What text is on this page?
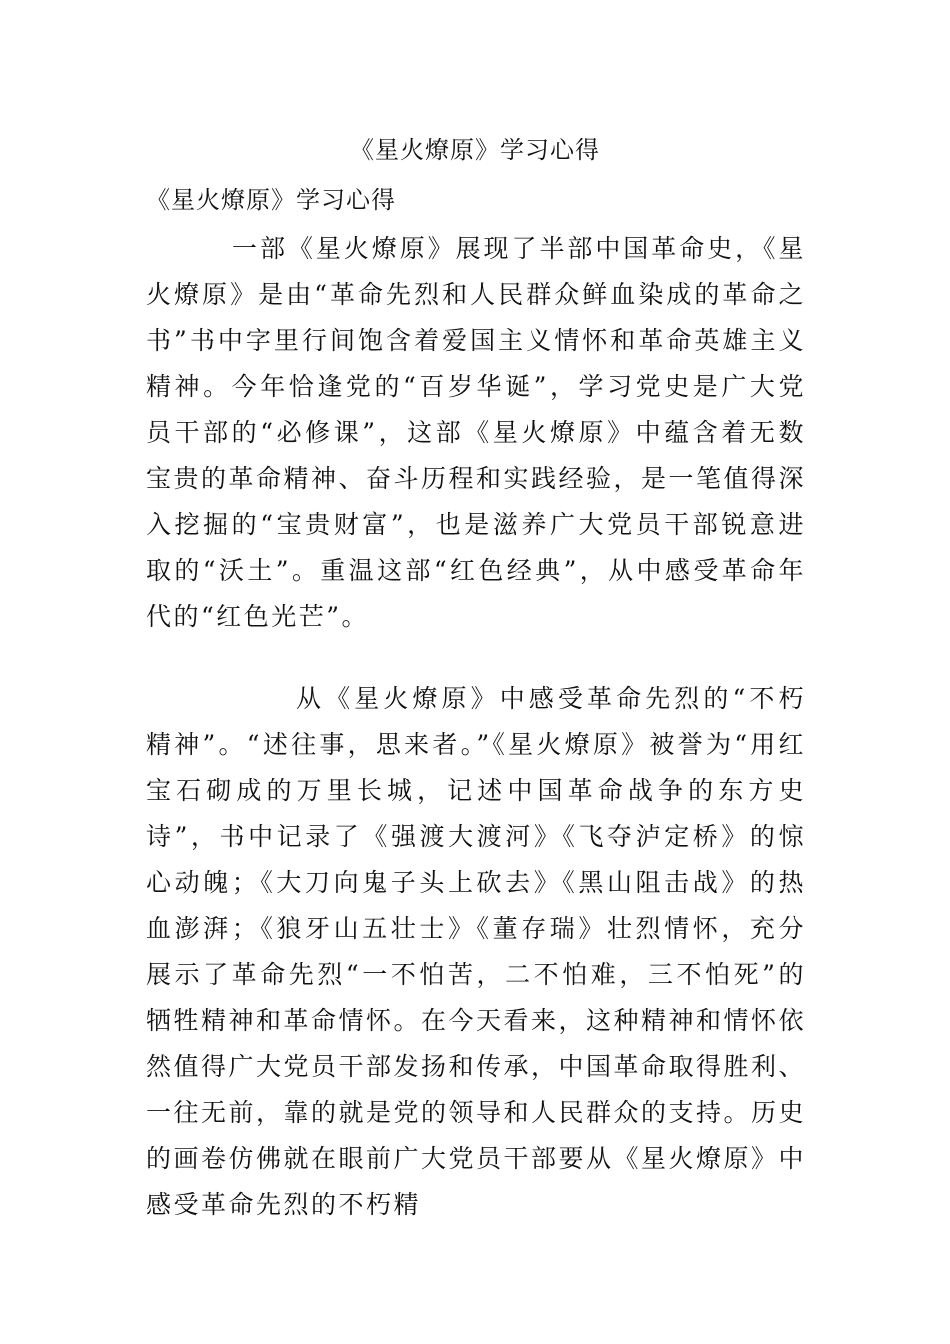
《星火燎原》学习心得
《星火燎原》学习心得

一部《星火燎原》展现了半部中国革命史，《星火燎原》是由“革命先烈和人民群众鲜血染成的革命之书”书中字里行间饱含着爱国主义情怀和革命英雄主义精神。今年恰逢党的“百岁华诞”，学习党史是广大党员干部的“必修课”，这部《星火燎原》中蕴含着无数宝贵的革命精神、奋斗历程和实践经验，是一笔值得深入挖掘的“宝贵财富”，也是滋养广大党员干部锐意进取的“沃土”。重温这部“红色经典”，从中感受革命年代的“红色光芒”。

从《星火燎原》中感受革命先烈的“不朽精神”。“述往事，思来者。”《星火燎原》被誉为“用红宝石砌成的万里长城，记述中国革命战争的东方史诗”，书中记录了《强渡大渡河》《飞夺泸定桥》的惊心动魄；《大刀向鬼子头上砍去》《黑山阻击战》的热血澎湃；《狼牙山五壮士》《董存瑞》壮烈情怀，充分展示了革命先烈“一不怕苦，二不怕难，三不怕死”的牺牲精神和革命情怀。在今天看来，这种精神和情怀依然值得广大党员干部发扬和传承，中国革命取得胜利、一往无前，靠的就是党的领导和人民群众的支持。历史的画卷仿佛就在眼前广大党员干部要从《星火燎原》中感受革命先烈的不朽精
